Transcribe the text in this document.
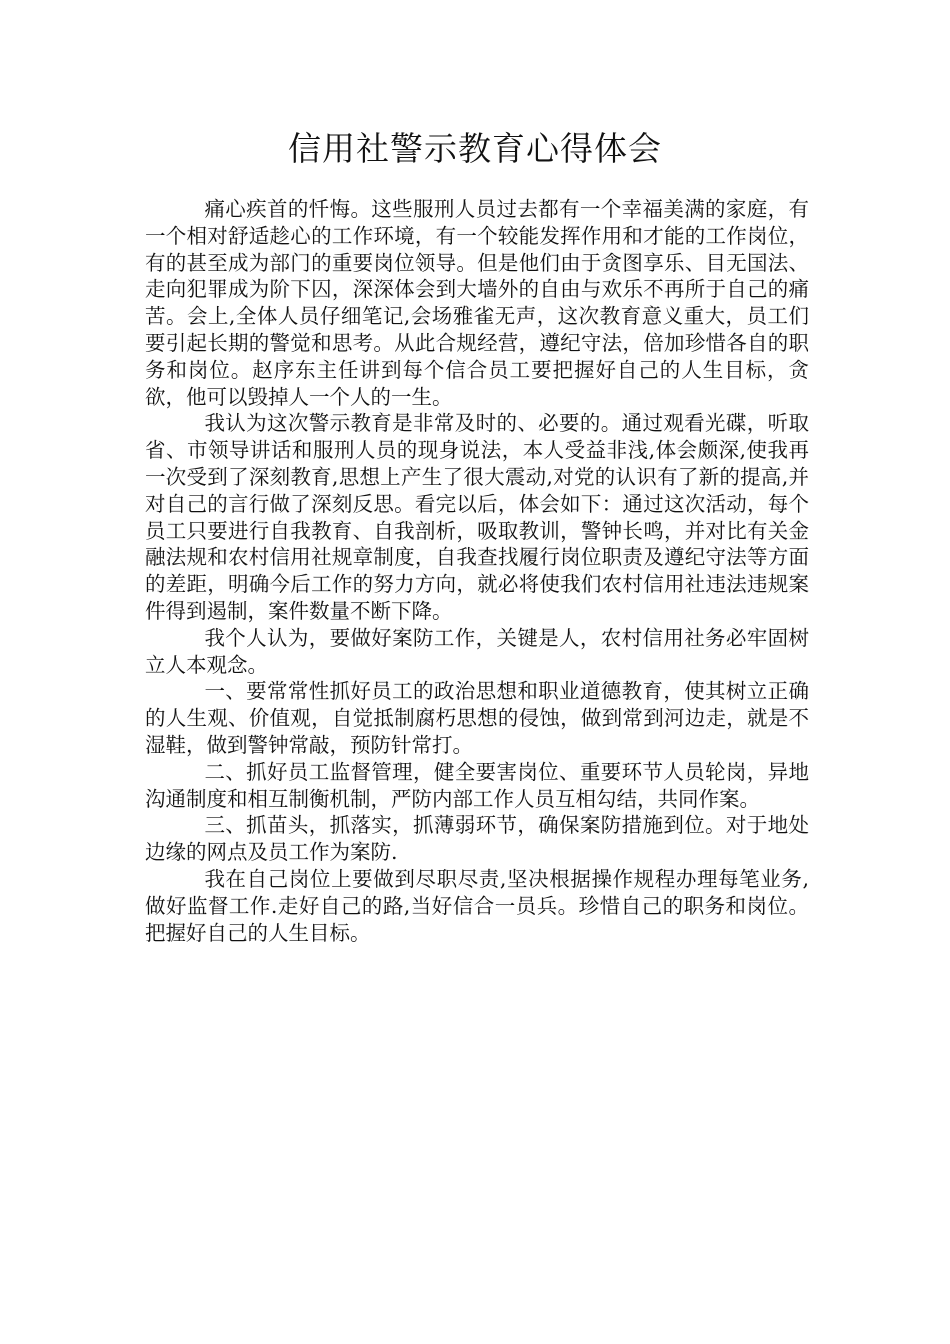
信用社警示教育心得体会

痛心疾首的忏悔。这些服刑人员过去都有一个幸福美满的家庭，有一个相对舒适趁心的工作环境，有一个较能发挥作用和才能的工作岗位，有的甚至成为部门的重要岗位领导。但是他们由于贪图享乐、目无国法、走向犯罪成为阶下囚，深深体会到大墙外的自由与欢乐不再所于自己的痛苦。会上,全体人员仔细笔记,会场雅雀无声，这次教育意义重大，员工们要引起长期的警觉和思考。从此合规经营，遵纪守法，倍加珍惜各自的职务和岗位。赵序东主任讲到每个信合员工要把握好自己的人生目标，贪欲，他可以毁掉人一个人的一生。

我认为这次警示教育是非常及时的、必要的。通过观看光碟，听取省、市领导讲话和服刑人员的现身说法，本人受益非浅,体会颇深,使我再一次受到了深刻教育,思想上产生了很大震动,对党的认识有了新的提高,并对自己的言行做了深刻反思。看完以后，体会如下：通过这次活动，每个员工只要进行自我教育、自我剖析，吸取教训，警钟长鸣，并对比有关金融法规和农村信用社规章制度，自我查找履行岗位职责及遵纪守法等方面的差距，明确今后工作的努力方向，就必将使我们农村信用社违法违规案件得到遏制，案件数量不断下降。

我个人认为，要做好案防工作，关键是人，农村信用社务必牢固树立人本观念。

一、要常常性抓好员工的政治思想和职业道德教育，使其树立正确的人生观、价值观，自觉抵制腐朽思想的侵蚀，做到常到河边走，就是不湿鞋，做到警钟常敲，预防针常打。

二、抓好员工监督管理，健全要害岗位、重要环节人员轮岗，异地沟通制度和相互制衡机制，严防内部工作人员互相勾结，共同作案。

三、抓苗头，抓落实，抓薄弱环节，确保案防措施到位。对于地处边缘的网点及员工作为案防.

我在自己岗位上要做到尽职尽责,坚决根据操作规程办理每笔业务,做好监督工作.走好自己的路,当好信合一员兵。珍惜自己的职务和岗位。把握好自己的人生目标。
